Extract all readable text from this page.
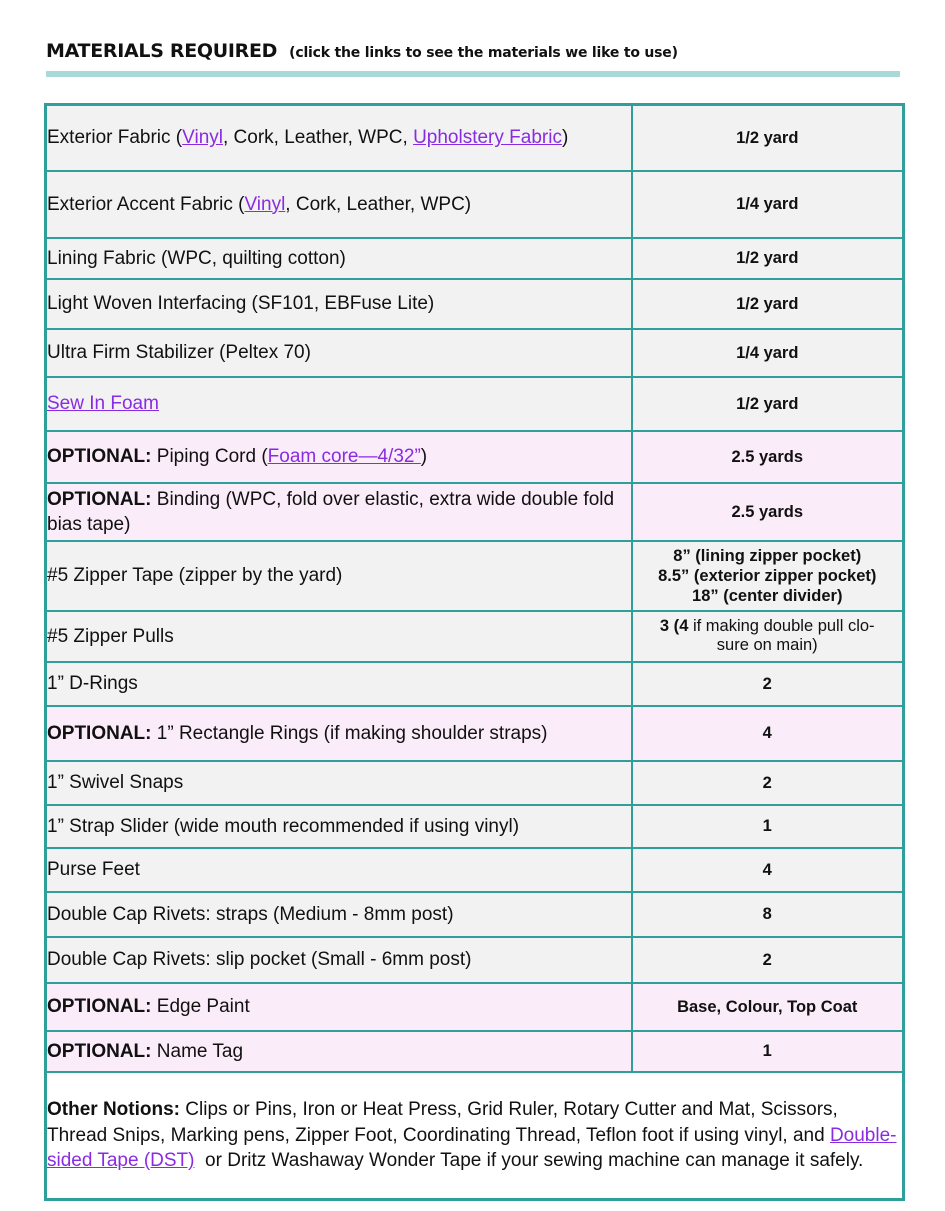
MATERIALS REQUIRED (click the links to see the materials we like to use)
Exterior Fabric (Vinyl, Cork, Leather, WPC, Upholstery Fabric)	1/2 yard
Exterior Accent Fabric (Vinyl, Cork, Leather, WPC)	1/4 yard
Lining Fabric (WPC, quilting cotton)	1/2 yard
Light Woven Interfacing (SF101, EBFuse Lite)	1/2 yard
Ultra Firm Stabilizer (Peltex 70)	1/4 yard
Sew In Foam	1/2 yard
OPTIONAL: Piping Cord (Foam core—4/32”)	2.5 yards
OPTIONAL: Binding (WPC, fold over elastic, extra wide double fold bias tape)	2.5 yards
#5 Zipper Tape (zipper by the yard)	8” (lining zipper pocket)
8.5” (exterior zipper pocket)
18” (center divider)

#5 Zipper Pulls	3 (4 if making double pull clo-
sure on main)

1” D-Rings	2
OPTIONAL: 1” Rectangle Rings (if making shoulder straps)	4
1” Swivel Snaps	2
1” Strap Slider (wide mouth recommended if using vinyl)	1
Purse Feet	4
Double Cap Rivets: straps (Medium - 8mm post)	8
Double Cap Rivets: slip pocket (Small - 6mm post)	2
OPTIONAL: Edge Paint	Base, Colour, Top Coat
OPTIONAL: Name Tag	1
Other Notions: Clips or Pins, Iron or Heat Press, Grid Ruler, Rotary Cutter and Mat, Scissors, Thread Snips, Marking pens, Zipper Foot, Coordinating Thread, Teflon foot if using vinyl, and Double- sided Tape (DST)  or Dritz Washaway Wonder Tape if your sewing machine can manage it safely.	
